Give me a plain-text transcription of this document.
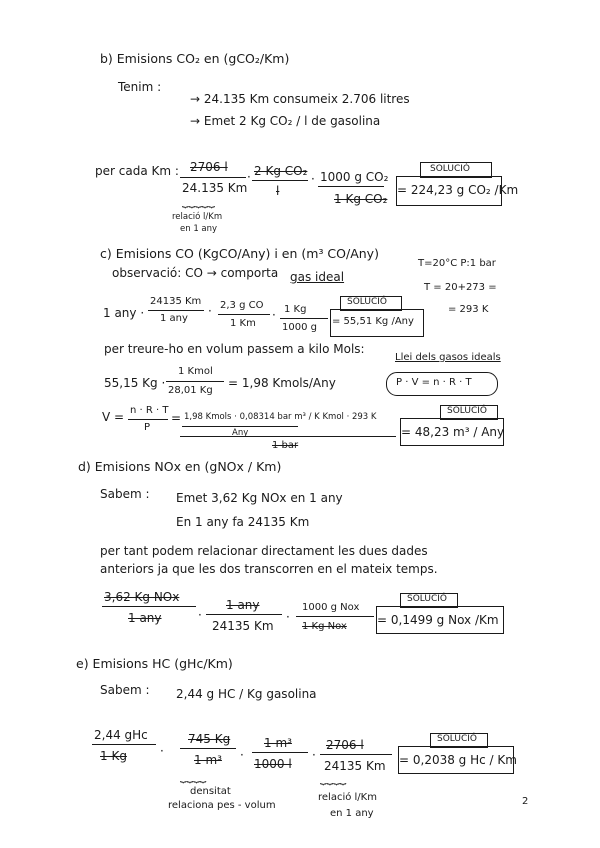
b) Emisions CO₂ en (gCO₂/Km)
Tenim :
→ 24.135 Km consumeix 2.706 litres
→ Emet 2 Kg CO₂ / l de gasolina
per cada Km : 2706 l
24.135 Km
· 2 Kg CO₂
l
· 1000 g CO₂
1 Kg CO₂
SOLUCIÓ
= 224,23 g CO₂ /Km
⏟⏟⏟⏟⏟
relació l/Km
en 1 any
c) Emisions CO (KgCO/Any) i en (m³ CO/Any)
T=20°C P:1 bar
observació: CO → comporta gas ideal
T = 20+273 =
= 293 K
1 any ·
24135 Km
1 any
· 2,3 g CO
1 Km
· 1 Kg
1000 g
SOLUCIÓ
= 55,51 Kg /Any
per treure-ho en volum passem a kilo Mols:
Llei dels gasos ideals
55,15 Kg ·
1 Kmol
28,01 Kg
= 1,98 Kmols/Any	P · V = n · R · T
V = n · R · T
P
= 1,98 Kmols · 0,08314 bar m³ / K Kmol · 293 K
Any
1 bar
SOLUCIÓ
= 48,23 m³ / Any
d) Emisions NOx en (gNOx / Km)
Sabem : Emet 3,62 Kg NOx en 1 any
En 1 any fa 24135 Km
per tant podem relacionar directament les dues dades
anteriors ja que les dos transcorren en el mateix temps.
3,62 Kg NOx
1 any	·
1 any
24135 Km
·
1000 g Nox
1 Kg Nox
SOLUCIÓ
= 0,1499 g Nox /Km
e) Emisions HC (gHc/Km)
Sabem : 2,44 g HC / Kg gasolina
2,44 gHc
1 Kg	·
745 Kg
1 m³ ·
1 m³
1000 l
·
2706 l
24135 Km
SOLUCIÓ
= 0,2038 g Hc / Km
⏟⏟⏟⏟
densitat
relaciona pes - volum
⏟⏟⏟⏟
relació l/Km
en 1 any
2
